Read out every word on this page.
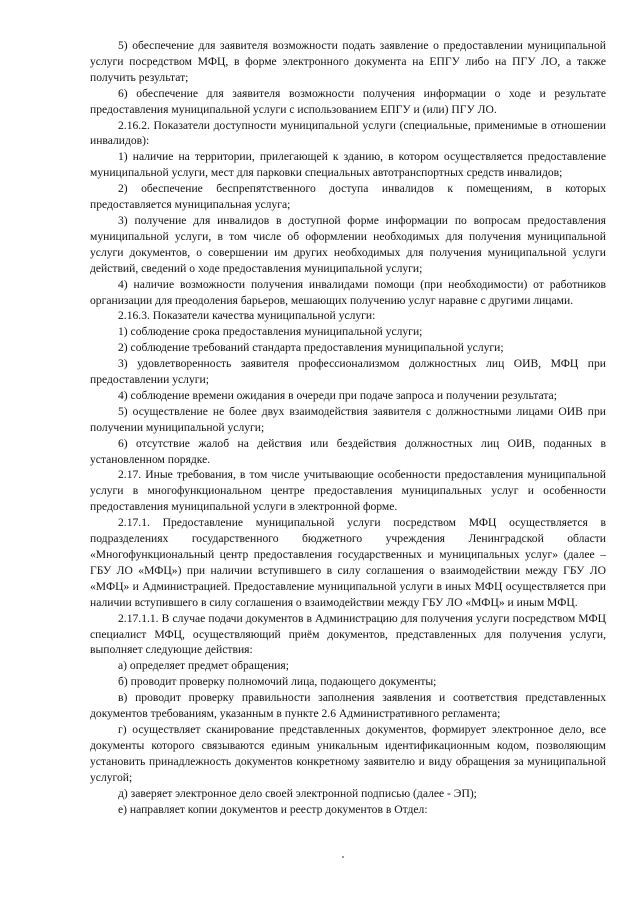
5) обеспечение для заявителя возможности подать заявление о предоставлении муниципальной услуги посредством МФЦ, в форме электронного документа на ЕПГУ либо на ПГУ ЛО, а также получить результат;

6) обеспечение для заявителя возможности получения информации о ходе и результате предоставления муниципальной услуги с использованием ЕПГУ и (или) ПГУ ЛО.

2.16.2. Показатели доступности муниципальной услуги (специальные, применимые в отношении инвалидов):

1) наличие на территории, прилегающей к зданию, в котором осуществляется предоставление муниципальной услуги, мест для парковки специальных автотранспортных средств инвалидов;

2) обеспечение беспрепятственного доступа инвалидов к помещениям, в которых предоставляется муниципальная услуга;

3) получение для инвалидов в доступной форме информации по вопросам предоставления муниципальной услуги, в том числе об оформлении необходимых для получения муниципальной услуги документов, о совершении им других необходимых для получения муниципальной услуги действий, сведений о ходе предоставления муниципальной услуги;

4) наличие возможности получения инвалидами помощи (при необходимости) от работников организации для преодоления барьеров, мешающих получению услуг наравне с другими лицами.

2.16.3. Показатели качества муниципальной услуги:

1) соблюдение срока предоставления муниципальной услуги;

2) соблюдение требований стандарта предоставления муниципальной услуги;

3) удовлетворенность заявителя профессионализмом должностных лиц ОИВ, МФЦ при предоставлении услуги;

4) соблюдение времени ожидания в очереди при подаче запроса и получении результата;

5) осуществление не более двух взаимодействия заявителя с должностными лицами ОИВ при получении муниципальной услуги;

6) отсутствие жалоб на действия или бездействия должностных лиц ОИВ, поданных в установленном порядке.

2.17. Иные требования, в том числе учитывающие особенности предоставления муниципальной услуги в многофункциональном центре предоставления муниципальных услуг и особенности предоставления муниципальной услуги в электронной форме.

2.17.1. Предоставление муниципальной услуги посредством МФЦ осуществляется в подразделениях государственного бюджетного учреждения Ленинградской области «Многофункциональный центр предоставления государственных и муниципальных услуг» (далее – ГБУ ЛО «МФЦ») при наличии вступившего в силу соглашения о взаимодействии между ГБУ ЛО «МФЦ» и Администрацией. Предоставление муниципальной услуги в иных МФЦ осуществляется при наличии вступившего в силу соглашения о взаимодействии между ГБУ ЛО «МФЦ» и иным МФЦ.

2.17.1.1. В случае подачи документов в Администрацию для получения услуги посредством МФЦ специалист МФЦ, осуществляющий приём документов, представленных для получения услуги, выполняет следующие действия:

а) определяет предмет обращения;

б) проводит проверку полномочий лица, подающего документы;

в) проводит проверку правильности заполнения заявления и соответствия представленных документов требованиям, указанным в пункте 2.6 Административного регламента;

г) осуществляет сканирование представленных документов, формирует электронное дело, все документы которого связываются единым уникальным идентификационным кодом, позволяющим установить принадлежность документов конкретному заявителю и виду обращения за муниципальной услугой;

д) заверяет электронное дело своей электронной подписью (далее - ЭП);

е) направляет копии документов и реестр документов в Отдел:
